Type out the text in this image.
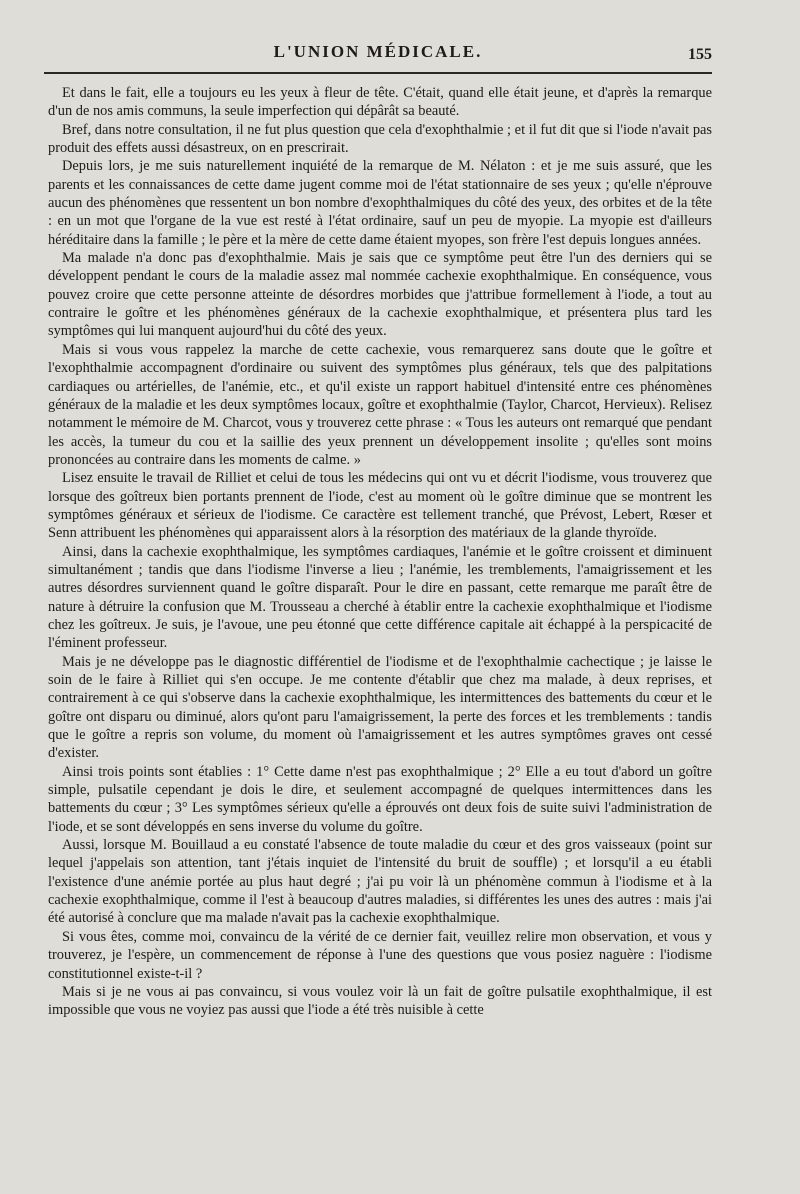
L'UNION MÉDICALE.	155

Et dans le fait, elle a toujours eu les yeux à fleur de tête. C'était, quand elle était jeune, et d'après la remarque d'un de nos amis communs, la seule imperfection qui dépârât sa beauté.

Bref, dans notre consultation, il ne fut plus question que cela d'exophthalmie ; et il fut dit que si l'iode n'avait pas produit des effets aussi désastreux, on en prescrirait.

Depuis lors, je me suis naturellement inquiété de la remarque de M. Nélaton : et je me suis assuré, que les parents et les connaissances de cette dame jugent comme moi de l'état stationnaire de ses yeux ; qu'elle n'éprouve aucun des phénomènes que ressentent un bon nombre d'exophthalmiques du côté des yeux, des orbites et de la tête : en un mot que l'organe de la vue est resté à l'état ordinaire, sauf un peu de myopie. La myopie est d'ailleurs héréditaire dans la famille ; le père et la mère de cette dame étaient myopes, son frère l'est depuis longues années.

Ma malade n'a donc pas d'exophthalmie. Mais je sais que ce symptôme peut être l'un des derniers qui se développent pendant le cours de la maladie assez mal nommée cachexie exophthalmique. En conséquence, vous pouvez croire que cette personne atteinte de désordres morbides que j'attribue formellement à l'iode, a tout au contraire le goître et les phénomènes généraux de la cachexie exophthalmique, et présentera plus tard les symptômes qui lui manquent aujourd'hui du côté des yeux.

Mais si vous vous rappelez la marche de cette cachexie, vous remarquerez sans doute que le goître et l'exophthalmie accompagnent d'ordinaire ou suivent des symptômes plus généraux, tels que des palpitations cardiaques ou artérielles, de l'anémie, etc., et qu'il existe un rapport habituel d'intensité entre ces phénomènes généraux de la maladie et les deux symptômes locaux, goître et exophthalmie (Taylor, Charcot, Hervieux). Relisez notamment le mémoire de M. Charcot, vous y trouverez cette phrase : « Tous les auteurs ont remarqué que pendant les accès, la tumeur du cou et la saillie des yeux prennent un développement insolite ; qu'elles sont moins prononcées au contraire dans les moments de calme. »

Lisez ensuite le travail de Rilliet et celui de tous les médecins qui ont vu et décrit l'iodisme, vous trouverez que lorsque des goîtreux bien portants prennent de l'iode, c'est au moment où le goître diminue que se montrent les symptômes généraux et sérieux de l'iodisme. Ce caractère est tellement tranché, que Prévost, Lebert, Rœser et Senn attribuent les phénomènes qui apparaissent alors à la résorption des matériaux de la glande thyroïde.

Ainsi, dans la cachexie exophthalmique, les symptômes cardiaques, l'anémie et le goître croissent et diminuent simultanément ; tandis que dans l'iodisme l'inverse a lieu ; l'anémie, les tremblements, l'amaigrissement et les autres désordres surviennent quand le goître disparaît. Pour le dire en passant, cette remarque me paraît être de nature à détruire la confusion que M. Trousseau a cherché à établir entre la cachexie exophthalmique et l'iodisme chez les goîtreux. Je suis, je l'avoue, une peu étonné que cette différence capitale ait échappé à la perspicacité de l'éminent professeur.

Mais je ne développe pas le diagnostic différentiel de l'iodisme et de l'exophthalmie cachectique ; je laisse le soin de le faire à Rilliet qui s'en occupe. Je me contente d'établir que chez ma malade, à deux reprises, et contrairement à ce qui s'observe dans la cachexie exophthalmique, les intermittences des battements du cœur et le goître ont disparu ou diminué, alors qu'ont paru l'amaigrissement, la perte des forces et les tremblements : tandis que le goître a repris son volume, du moment où l'amaigrissement et les autres symptômes graves ont cessé d'exister.

Ainsi trois points sont établies : 1° Cette dame n'est pas exophthalmique ; 2° Elle a eu tout d'abord un goître simple, pulsatile cependant je dois le dire, et seulement accompagné de quelques intermittences dans les battements du cœur ; 3° Les symptômes sérieux qu'elle a éprouvés ont deux fois de suite suivi l'administration de l'iode, et se sont développés en sens inverse du volume du goître.

Aussi, lorsque M. Bouillaud a eu constaté l'absence de toute maladie du cœur et des gros vaisseaux (point sur lequel j'appelais son attention, tant j'étais inquiet de l'intensité du bruit de souffle) ; et lorsqu'il a eu établi l'existence d'une anémie portée au plus haut degré ; j'ai pu voir là un phénomène commun à l'iodisme et à la cachexie exophthalmique, comme il l'est à beaucoup d'autres maladies, si différentes les unes des autres : mais j'ai été autorisé à conclure que ma malade n'avait pas la cachexie exophthalmique.

Si vous êtes, comme moi, convaincu de la vérité de ce dernier fait, veuillez relire mon observation, et vous y trouverez, je l'espère, un commencement de réponse à l'une des questions que vous posiez naguère : l'iodisme constitutionnel existe-t-il ?

Mais si je ne vous ai pas convaincu, si vous voulez voir là un fait de goître pulsatile exophthalmique, il est impossible que vous ne voyiez pas aussi que l'iode a été très nuisible à cette
